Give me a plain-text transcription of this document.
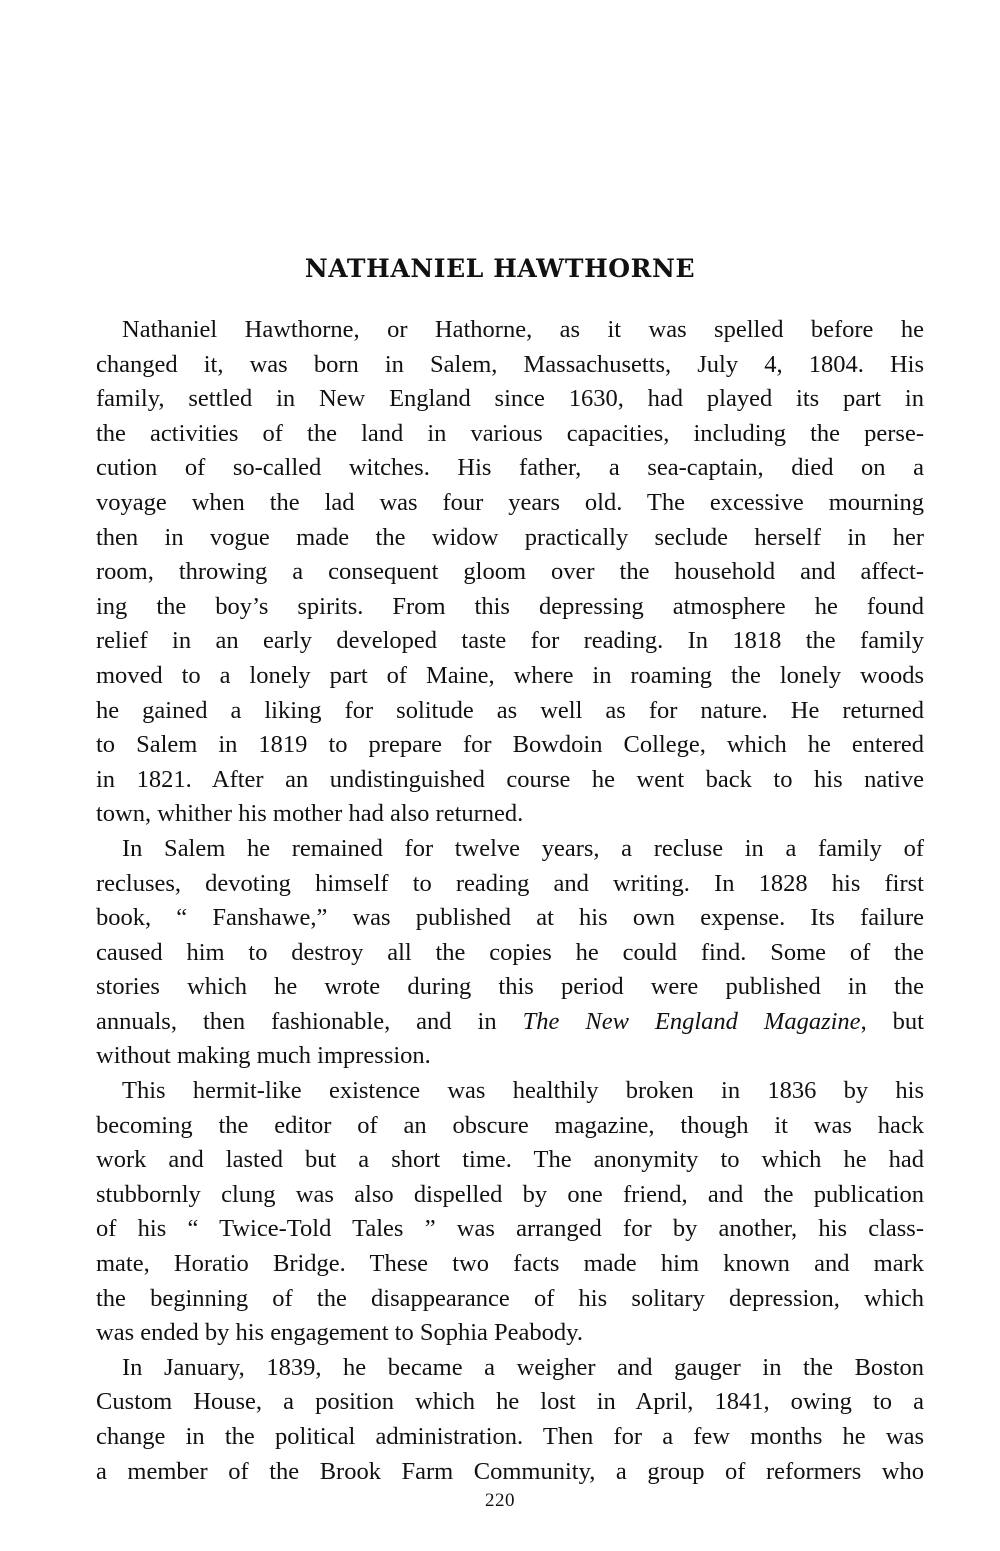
NATHANIEL HAWTHORNE
Nathaniel Hawthorne, or Hathorne, as it was spelled before he
changed it, was born in Salem, Massachusetts, July 4, 1804. His
family, settled in New England since 1630, had played its part in
the activities of the land in various capacities, including the perse-
cution of so-called witches. His father, a sea-captain, died on a
voyage when the lad was four years old. The excessive mourning
then in vogue made the widow practically seclude herself in her
room, throwing a consequent gloom over the household and affect-
ing the boy’s spirits. From this depressing atmosphere he found
relief in an early developed taste for reading. In 1818 the family
moved to a lonely part of Maine, where in roaming the lonely woods
he gained a liking for solitude as well as for nature. He returned
to Salem in 1819 to prepare for Bowdoin College, which he entered
in 1821. After an undistinguished course he went back to his native
town, whither his mother had also returned.
In Salem he remained for twelve years, a recluse in a family of
recluses, devoting himself to reading and writing. In 1828 his first
book, “ Fanshawe,” was published at his own expense. Its failure
caused him to destroy all the copies he could find. Some of the
stories which he wrote during this period were published in the
annuals, then fashionable, and in The New England Magazine, but
without making much impression.
This hermit-like existence was healthily broken in 1836 by his
becoming the editor of an obscure magazine, though it was hack
work and lasted but a short time. The anonymity to which he had
stubbornly clung was also dispelled by one friend, and the publication
of his “ Twice-Told Tales ” was arranged for by another, his class-
mate, Horatio Bridge. These two facts made him known and mark
the beginning of the disappearance of his solitary depression, which
was ended by his engagement to Sophia Peabody.
In January, 1839, he became a weigher and gauger in the Boston
Custom House, a position which he lost in April, 1841, owing to a
change in the political administration. Then for a few months he was
a member of the Brook Farm Community, a group of reformers who
220
